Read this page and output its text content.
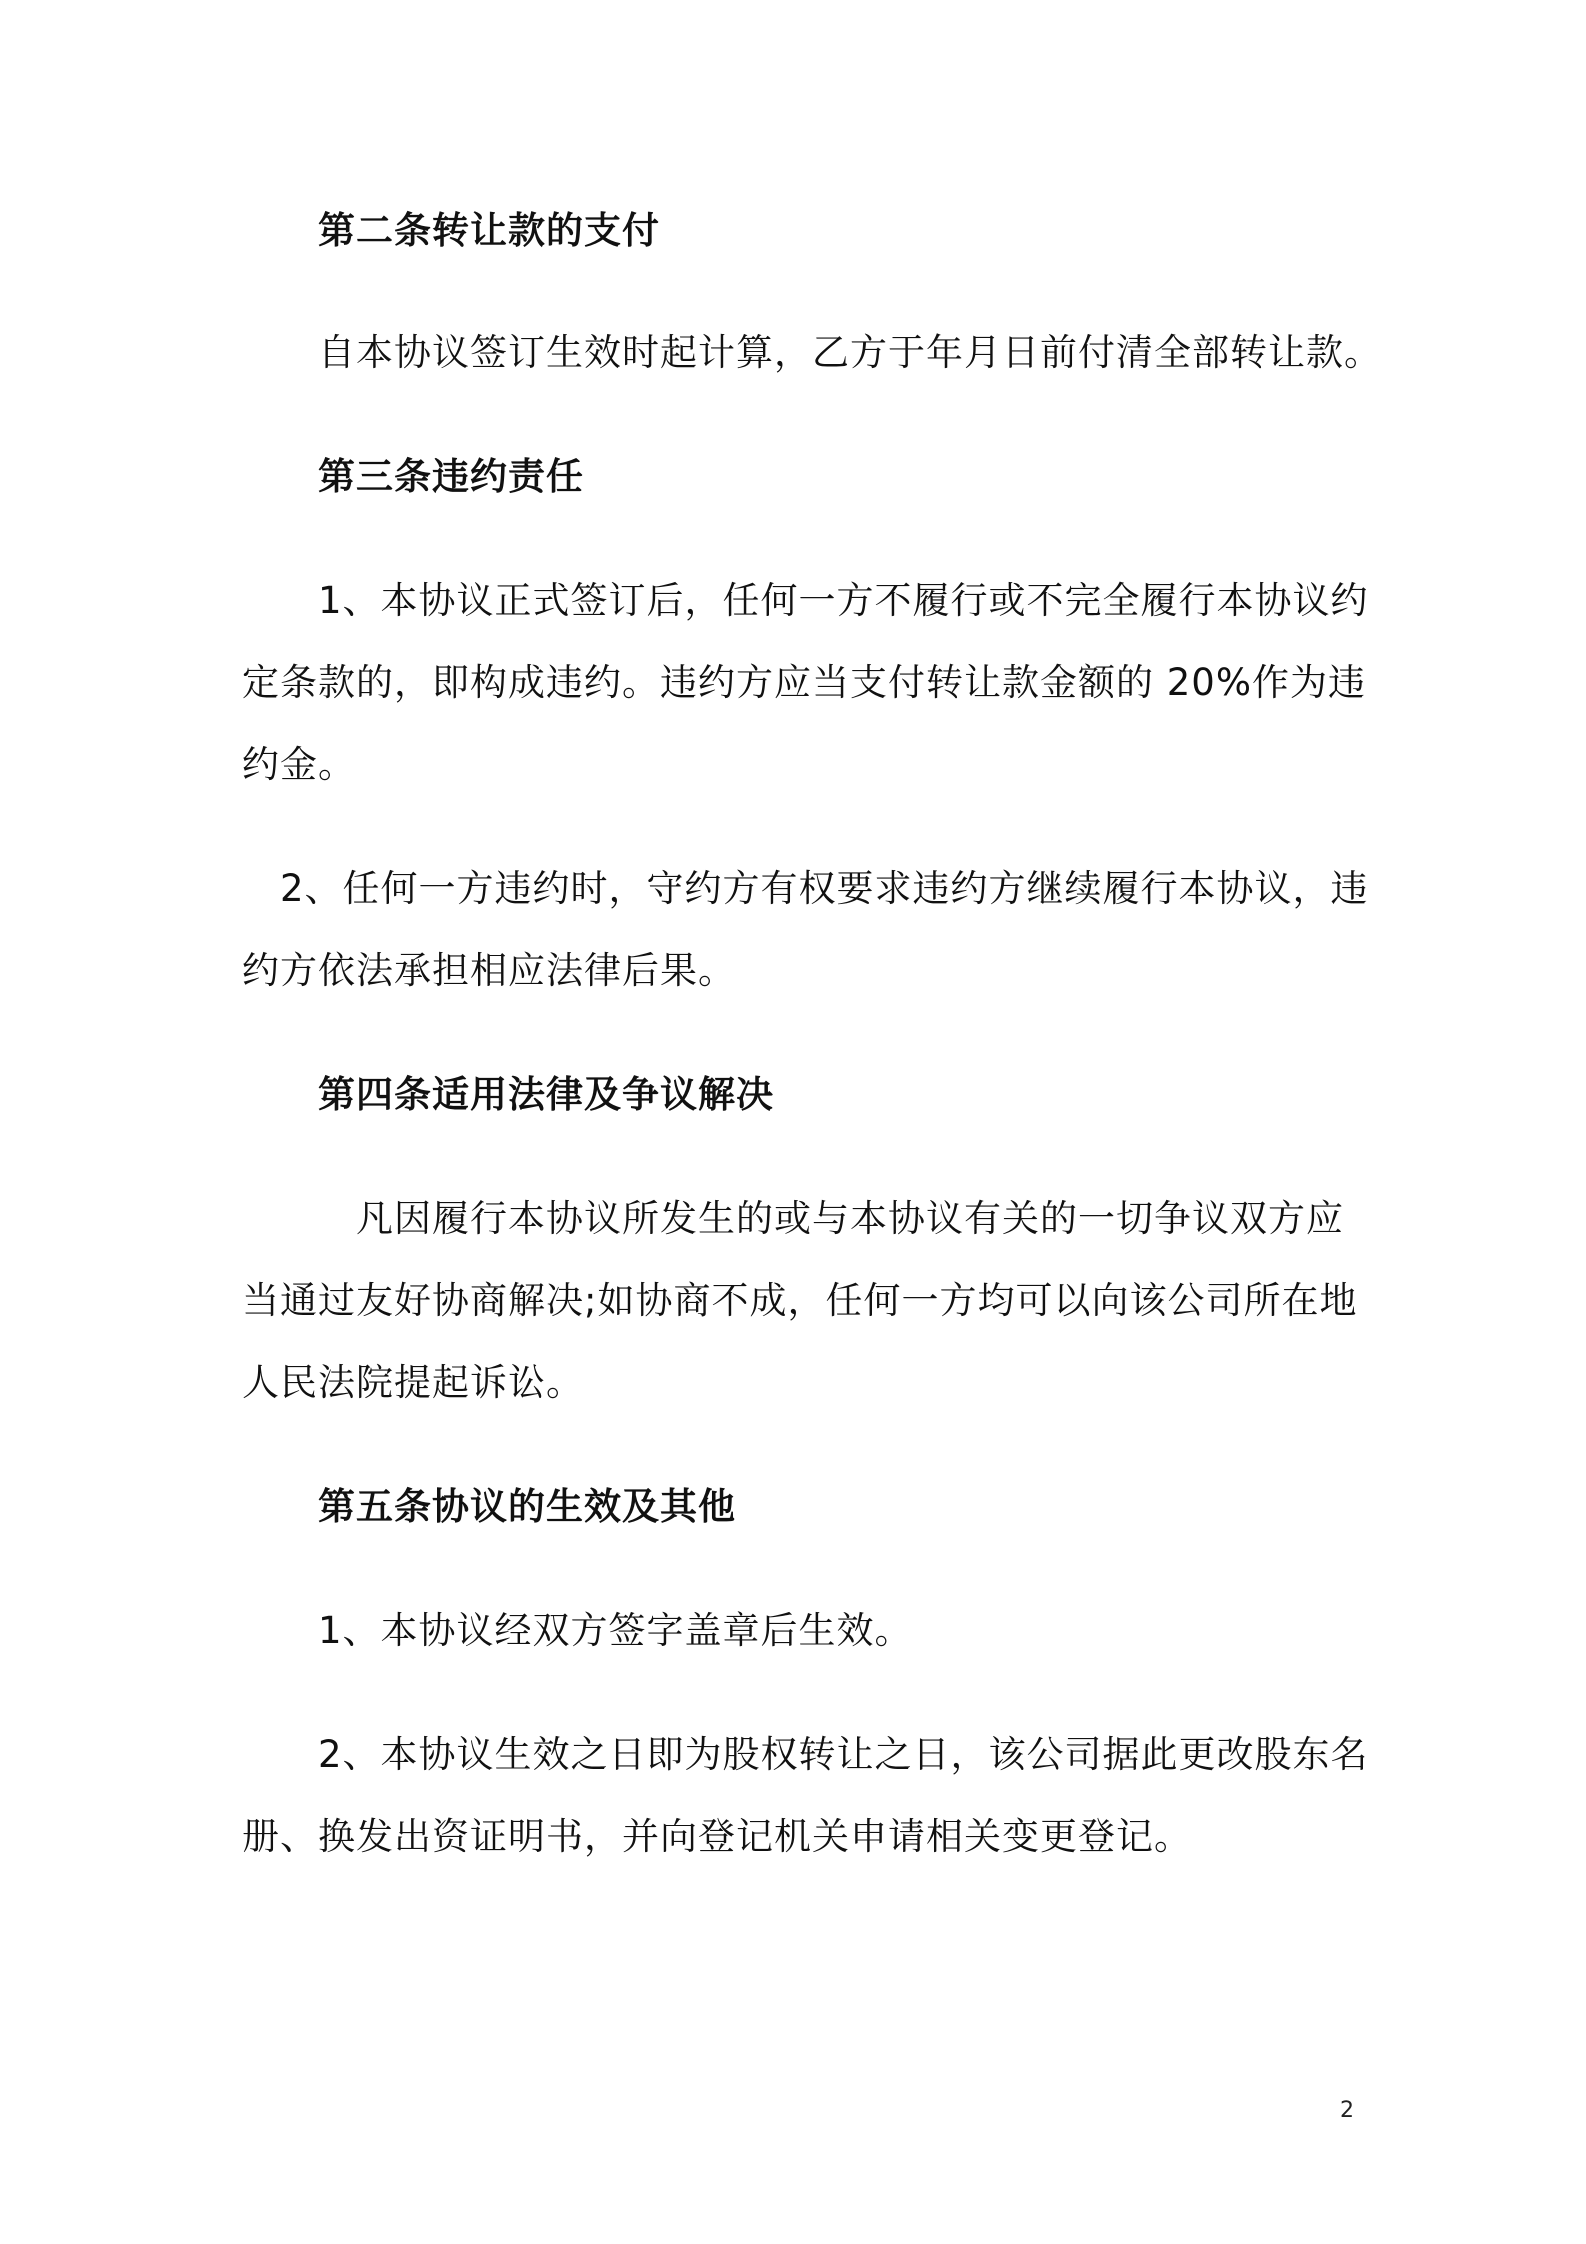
第二条转让款的支付
自本协议签订生效时起计算，乙方于年月日前付清全部转让款。
第三条违约责任
1、本协议正式签订后，任何一方不履行或不完全履行本协议约
定条款的，即构成违约。违约方应当支付转让款金额的 20%作为违
约金。
2、任何一方违约时，守约方有权要求违约方继续履行本协议，违
约方依法承担相应法律后果。
第四条适用法律及争议解决
凡因履行本协议所发生的或与本协议有关的一切争议双方应
当通过友好协商解决;如协商不成，任何一方均可以向该公司所在地
人民法院提起诉讼。
第五条协议的生效及其他
1、本协议经双方签字盖章后生效。
2、本协议生效之日即为股权转让之日，该公司据此更改股东名
册、换发出资证明书，并向登记机关申请相关变更登记。
2
